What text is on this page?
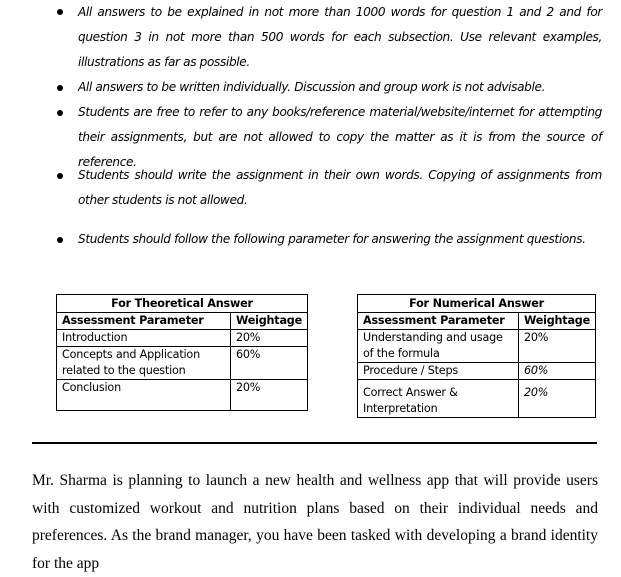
All answers to be explained in not more than 1000 words for question 1 and 2 and for question 3 in not more than 500 words for each subsection. Use relevant examples, illustrations as far as possible.
All answers to be written individually. Discussion and group work is not advisable.
Students are free to refer to any books/reference material/website/internet for attempting their assignments, but are not allowed to copy the matter as it is from the source of reference.
Students should write the assignment in their own words. Copying of assignments from other students is not allowed.
Students should follow the following parameter for answering the assignment questions.
For Theoretical Answer	
Assessment Parameter	Weightage
Introduction	20%
Concepts and Application related to the question	60%
Conclusion	20%
For Numerical Answer	
Assessment Parameter	Weightage
Understanding and usage of the formula	20%
Procedure / Steps	60%
Correct Answer & Interpretation	20%
Mr. Sharma is planning to launch a new health and wellness app that will provide users with customized workout and nutrition plans based on their individual needs and preferences. As the brand manager, you have been tasked with developing a brand identity for the app
